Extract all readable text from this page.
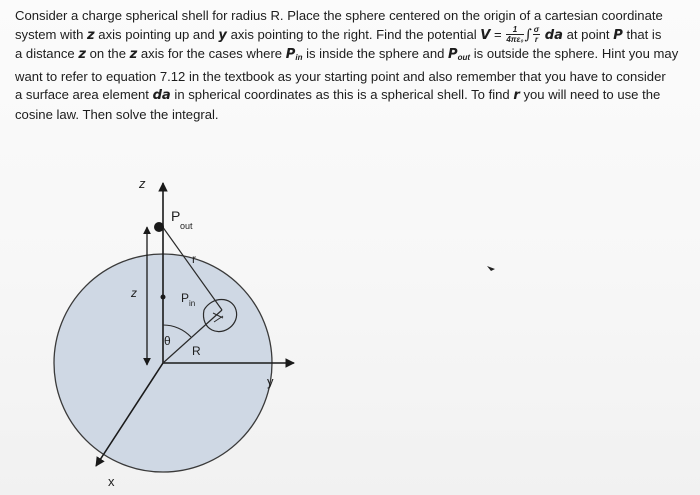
Consider a charge spherical shell for radius R. Place the sphere centered on the origin of a cartesian coordinate
system with z axis pointing up and y axis pointing to the right. Find the potential $V = \frac{1}{\text{4πε₀}}$ ∫ $\frac{\sigma}{r}$ da at point P that is
a distance z on the z axis for the cases where $P_{in}$ is inside the sphere and $P_{out}$ is outside the sphere. Hint you may
want to refer to equation 7.12 in the textbook as your starting point and also remember that you have to consider
a surface area element da in spherical coordinates as this is a spherical shell. To find r you will need to use the
cosine law. Then solve the integral.
z
y
x
z
r
R
θ
P
out
P in
